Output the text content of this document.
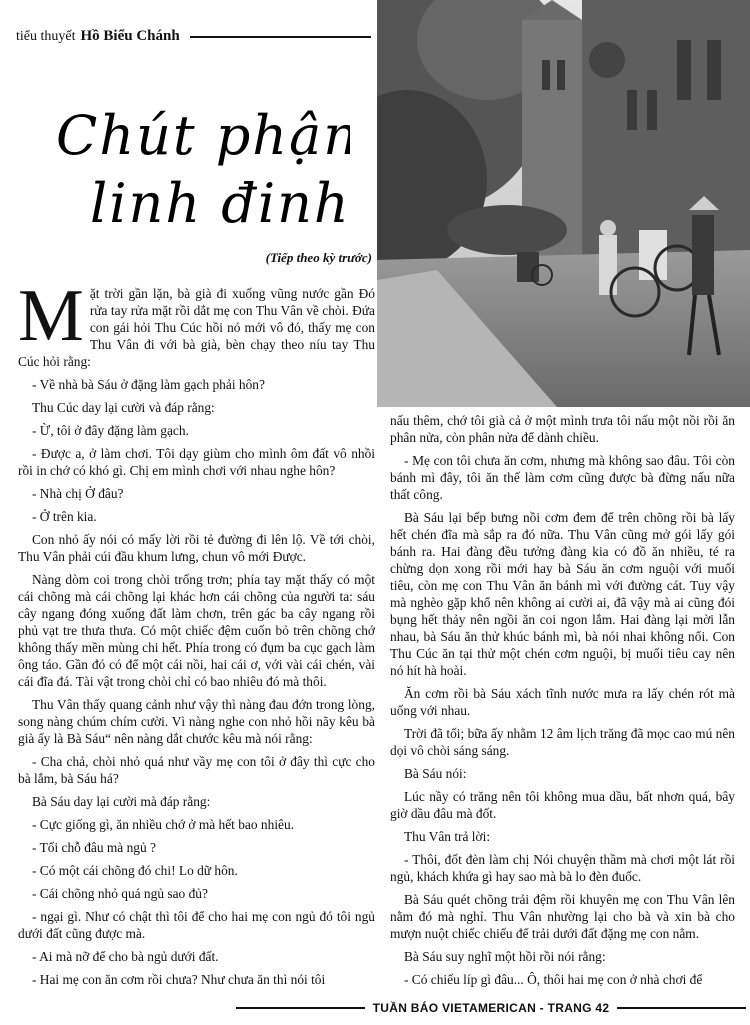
tiểu thuyết Hồ Biểu Chánh
Chút phận
linh đinh
(Tiếp theo kỳ trước)

Mặt trời gần lặn, bà già đi xuống vũng nước gần Đó rửa tay rửa mặt rồi dắt mẹ con Thu Vân về chòi. Đứa con gái hỏi Thu Cúc hồi nó mới vô đó, thấy mẹ con Thu Vân đi với bà già, bèn chạy theo níu tay Thu Cúc hỏi rằng:

- Về nhà bà Sáu ở đặng làm gạch phải hôn?

Thu Cúc day lại cười và đáp rằng:

- Ừ, tôi ở đây đặng làm gạch.

- Được a, ở làm chơi. Tôi dạy giùm cho mình ôm đất vô nhồi rồi in chớ có khó gì. Chị em mình chơi với nhau nghe hôn?

- Nhà chị Ở đâu?

- Ở trên kia.

Con nhỏ ấy nói có mấy lời rồi tẻ đường đi lên lộ. Về tới chòi, Thu Vân phải cúi đầu khum lưng, chun vô mới Được.

Nàng dòm coi trong chòi trống trơn; phía tay mặt thấy có một cái chõng mà cái chõng lại khác hơn cái chõng của người ta: sáu cây ngang đóng xuống đất làm chơn, trên gác ba cây ngang rồi phủ vạt tre thưa thưa. Có một chiếc đệm cuốn bỏ trên chõng chớ không thấy mền mùng chi hết. Phía trong có đụm ba cục gạch làm ông táo. Gần đó có để một cái nồi, hai cái ơ, với vài cái chén, vài cái đĩa đá. Tài vật trong chòi chỉ có bao nhiêu đó mà thôi.

Thu Vân thấy quang cảnh như vậy thì nàng đau đớn trong lòng, song nàng chúm chím cười. Vì nàng nghe con nhỏ hồi nãy kêu bà già ấy là Bà Sáu“ nên nàng dắt chước kêu mà nói rằng:

- Cha chả, chòi nhỏ quá như vầy mẹ con tôi ở đây thì cực cho bà lắm, bà Sáu há?

Bà Sáu day lại cười mà đáp rằng:

- Cực giống gì, ăn nhiều chớ ở mà hết bao nhiêu.

- Tối chỗ đâu mà ngủ ?

- Có một cái chõng đó chi! Lo dữ hôn.

- Cái chõng nhỏ quá ngủ sao đủ?

- ngại gì. Như có chật thì tôi để cho hai mẹ con ngủ đó tôi ngủ dưới đất cũng được mà.

- Ai mà nỡ để cho bà ngủ dưới đất.

- Hai mẹ con ăn cơm rồi chưa? Như chưa ăn thì nói tôi

nấu thêm, chớ tôi già cả ở một mình trưa tôi nấu một nồi rồi ăn phân nửa, còn phân nửa để dành chiều.

- Mẹ con tôi chưa ăn cơm, nhưng mà không sao đâu. Tôi còn bánh mì đây, tôi ăn thế làm cơm cũng được bà đừng nấu nữa thất công.

Bà Sáu lại bếp bưng nồi cơm đem để trên chõng rồi bà lấy hết chén đĩa mà sắp ra đó nữa. Thu Vân cũng mở gói lấy gói bánh ra. Hai đàng đều tưởng đàng kia có đồ ăn nhiều, té ra chừng dọn xong rồi mới hay bà Sáu ăn cơm nguội với muối tiêu, còn mẹ con Thu Vân ăn bánh mì với đường cát. Tuy vậy mà nghèo gặp khổ nên không ai cười ai, đã vậy mà ai cũng đói bụng hết thảy nên ngồi ăn coi ngon lắm. Hai đàng lại mời lẫn nhau, bà Sáu ăn thử khúc bánh mì, bà nói nhai không nổi. Con Thu Cúc ăn tại thử một chén cơm nguội, bị muối tiêu cay nên nó hít hà hoài.

Ăn cơm rồi bà Sáu xách tĩnh nước mưa ra lấy chén rót mà uống với nhau.

Trời đã tối; bữa ấy nhằm 12 âm lịch trăng đã mọc cao mú nên dọi vô chòi sáng sáng.

Bà Sáu nói:

Lúc nầy có trăng nên tôi không mua dầu, bất nhơn quá, bây giờ dầu đâu mà đốt.

Thu Vân trả lời:

- Thôi, đốt đèn làm chị Nói chuyện thầm mà chơi một lát rồi ngủ, khách khứa gì hay sao mà bà lo đèn đuốc.

Bà Sáu quét chõng trải đệm rồi khuyên mẹ con Thu Vân lên nằm đó mà nghỉ. Thu Vân nhường lại cho bà và xin bà cho mượn nuột chiếc chiếu để trải dưới đất đặng mẹ con nằm.

Bà Sáu suy nghĩ một hồi rồi nói rằng:

- Có chiếu líp gì đâu... Ô, thôi hai mẹ con ở nhà chơi để

TUẦN BÁO VIETAMERICAN - TRANG 42
